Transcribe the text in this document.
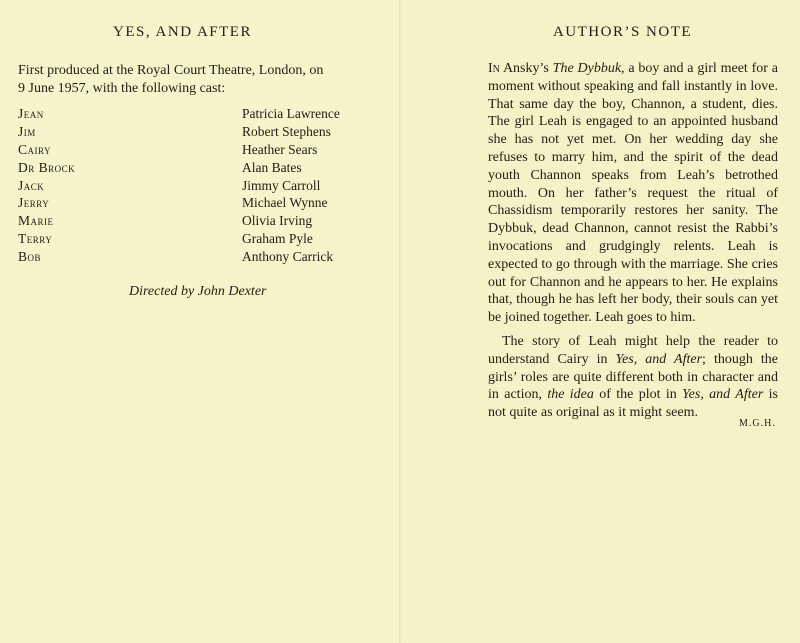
YES, AND AFTER
First produced at the Royal Court Theatre, London, on
9 June 1957, with the following cast:
Jean	Patricia Lawrence
Jim	Robert Stephens
Cairy	Heather Sears
Dr Brock	Alan Bates
Jack	Jimmy Carroll
Jerry	Michael Wynne
Marie	Olivia Irving
Terry	Graham Pyle
Bob	Anthony Carrick
Directed by John Dexter
AUTHOR’S NOTE

In Ansky’s The Dybbuk, a boy and a girl meet for a moment without speaking and fall instantly in love. That same day the boy, Channon, a student, dies. The girl Leah is engaged to an appointed husband she has not yet met. On her wedding day she refuses to marry him, and the spirit of the dead youth Channon speaks from Leah’s betrothed mouth. On her father’s request the ritual of Chassidism temporarily restores her sanity. The Dybbuk, dead Channon, cannot resist the Rabbi’s invocations and grudgingly relents. Leah is expected to go through with the marriage. She cries out for Channon and he appears to her. He explains that, though he has left her body, their souls can yet be joined together. Leah goes to him.

The story of Leah might help the reader to understand Cairy in Yes, and After; though the girls’ roles are quite different both in character and in action, the idea of the plot in Yes, and After is not quite as original as it might seem.

M.G.H.
